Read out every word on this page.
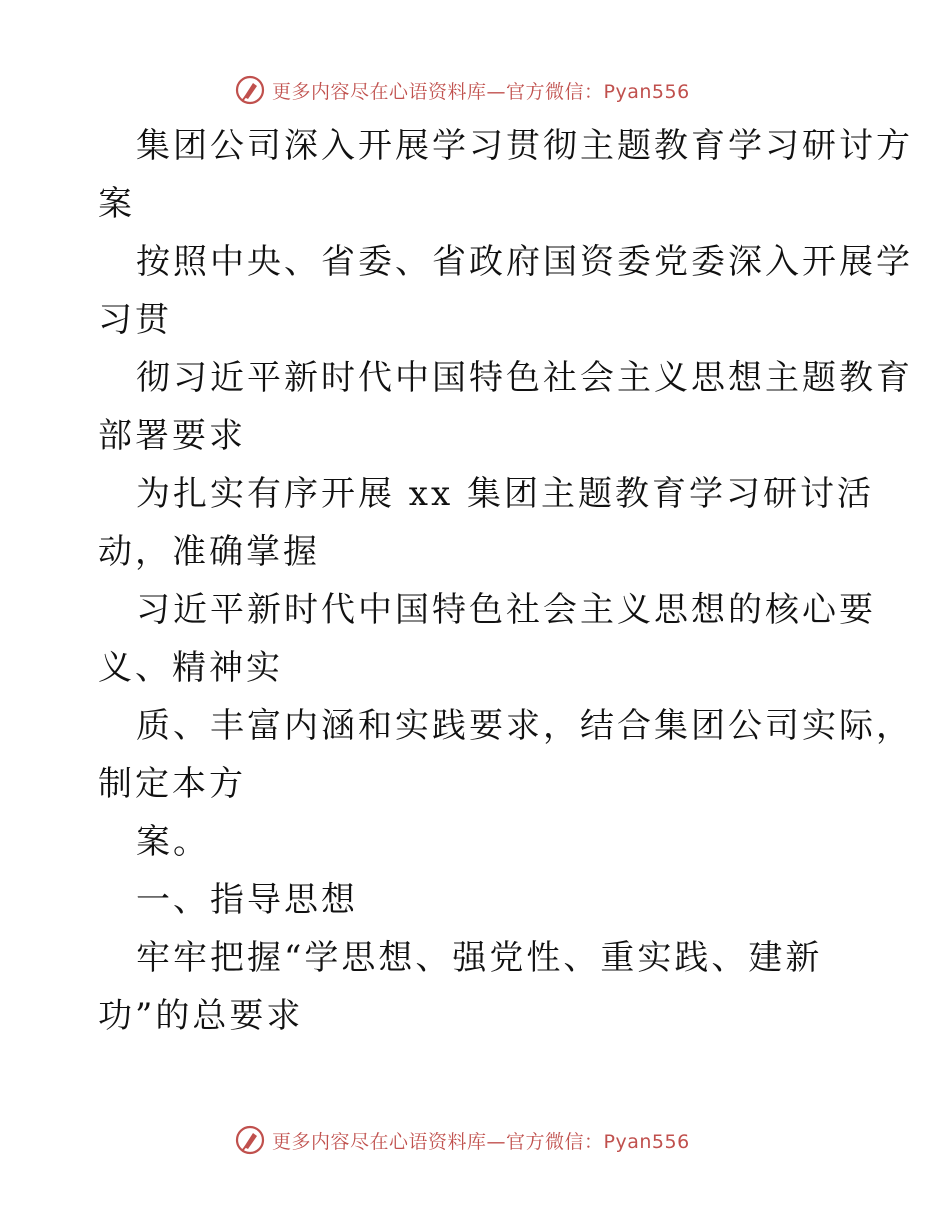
更多内容尽在心语资料库—官方微信：Pyan556
集团公司深入开展学习贯彻主题教育学习研讨方
案
按照中央、省委、省政府国资委党委深入开展学
习贯
彻习近平新时代中国特色社会主义思想主题教育
部署要求
为扎实有序开展 xx 集团主题教育学习研讨活
动，准确掌握
习近平新时代中国特色社会主义思想的核心要
义、精神实
质、丰富内涵和实践要求，结合集团公司实际，
制定本方
案。
一、指导思想
牢牢把握“学思想、强党性、重实践、建新
功”的总要求
更多内容尽在心语资料库—官方微信：Pyan556
